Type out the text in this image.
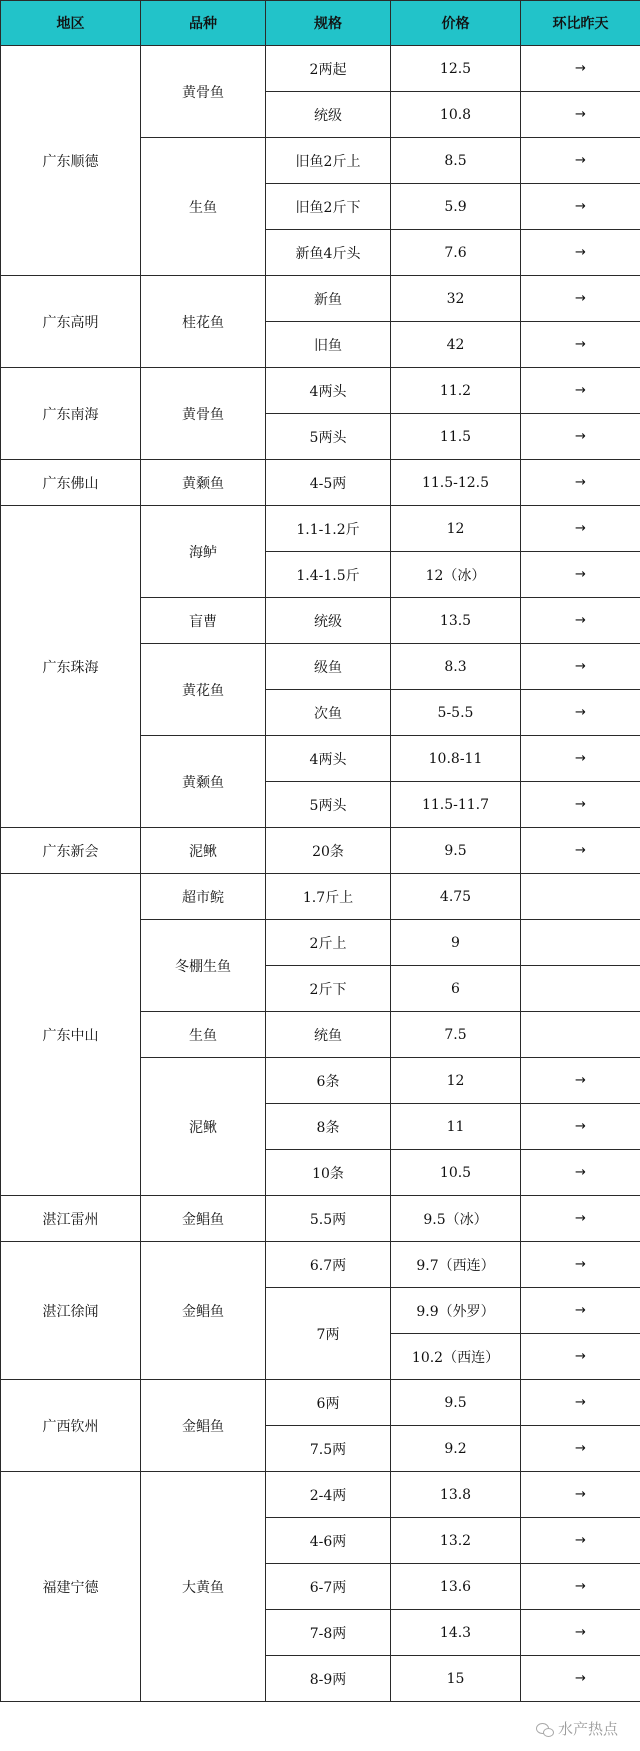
地区	品种	规格	价格	环比昨天
广东顺德	黄骨鱼	2两起	12.5	→
		统级	10.8	→
	生鱼	旧鱼2斤上	8.5	→
		旧鱼2斤下	5.9	→
		新鱼4斤头	7.6	→
广东高明	桂花鱼	新鱼	32	→
		旧鱼	42	→
广东南海	黄骨鱼	4两头	11.2	→
		5两头	11.5	→
广东佛山	黄颡鱼	4-5两	11.5-12.5	→
广东珠海	海鲈	1.1-1.2斤	12	→
		1.4-1.5斤	12（冰）	→
	盲曹	统级	13.5	→
	黄花鱼	级鱼	8.3	→
		次鱼	5-5.5	→
	黄颡鱼	4两头	10.8-11	→
		5两头	11.5-11.7	→
广东新会	泥鳅	20条	9.5	→
广东中山	超市鲩	1.7斤上	4.75	
	冬棚生鱼	2斤上	9	
		2斤下	6	
	生鱼	统鱼	7.5	
	泥鳅	6条	12	→
		8条	11	→
		10条	10.5	→
湛江雷州	金鲳鱼	5.5两	9.5（冰）	→
湛江徐闻	金鲳鱼	6.7两	9.7（西连）	→
		7两	9.9（外罗）	→
			10.2（西连）	→
广西钦州	金鲳鱼	6两	9.5	→
		7.5两	9.2	→
福建宁德	大黄鱼	2-4两	13.8	→
		4-6两	13.2	→
		6-7两	13.6	→
		7-8两	14.3	→
		8-9两	15	→
水产热点
